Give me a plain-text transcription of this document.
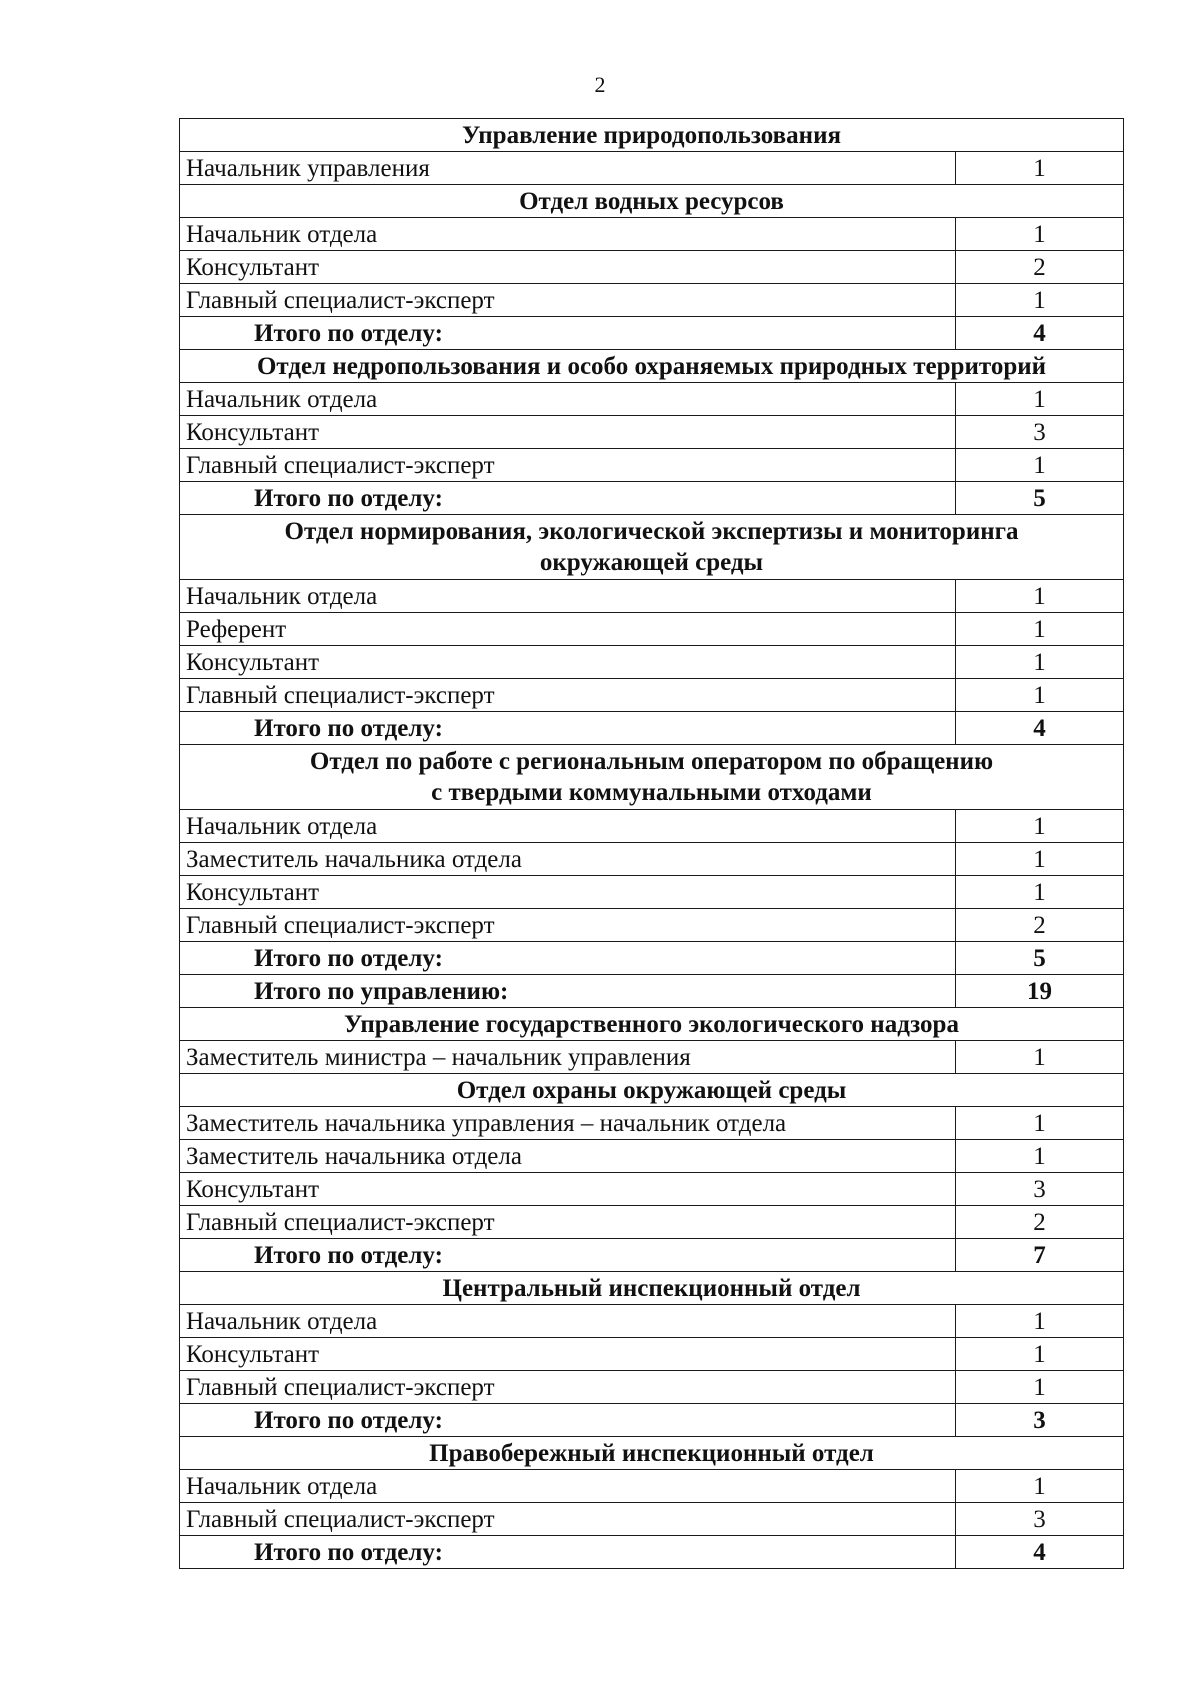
2
Управление природопользования	
Начальник управления	1
Отдел водных ресурсов	
Начальник отдела	1
Консультант	2
Главный специалист-эксперт	1
Итого по отделу:	4
Отдел недропользования и особо охраняемых природных территорий	
Начальник отдела	1
Консультант	3
Главный специалист-эксперт	1
Итого по отделу:	5

Отдел нормирования, экологической экспертизы и мониторинга
окружающей среды	

Начальник отдела	1
Референт	1
Консультант	1
Главный специалист-эксперт	1
Итого по отделу:	4

Отдел по работе с региональным оператором по обращению
с твердыми коммунальными отходами	

Начальник отдела	1
Заместитель начальника отдела	1
Консультант	1
Главный специалист-эксперт	2
Итого по отделу:	5
Итого по управлению:	19
Управление государственного экологического надзора	
Заместитель министра – начальник управления	1
Отдел охраны окружающей среды	
Заместитель начальника управления – начальник отдела	1
Заместитель начальника отдела	1
Консультант	3
Главный специалист-эксперт	2
Итого по отделу:	7
Центральный инспекционный отдел	
Начальник отдела	1
Консультант	1
Главный специалист-эксперт	1
Итого по отделу:	3
Правобережный инспекционный отдел	
Начальник отдела	1
Главный специалист-эксперт	3
Итого по отделу:	4
